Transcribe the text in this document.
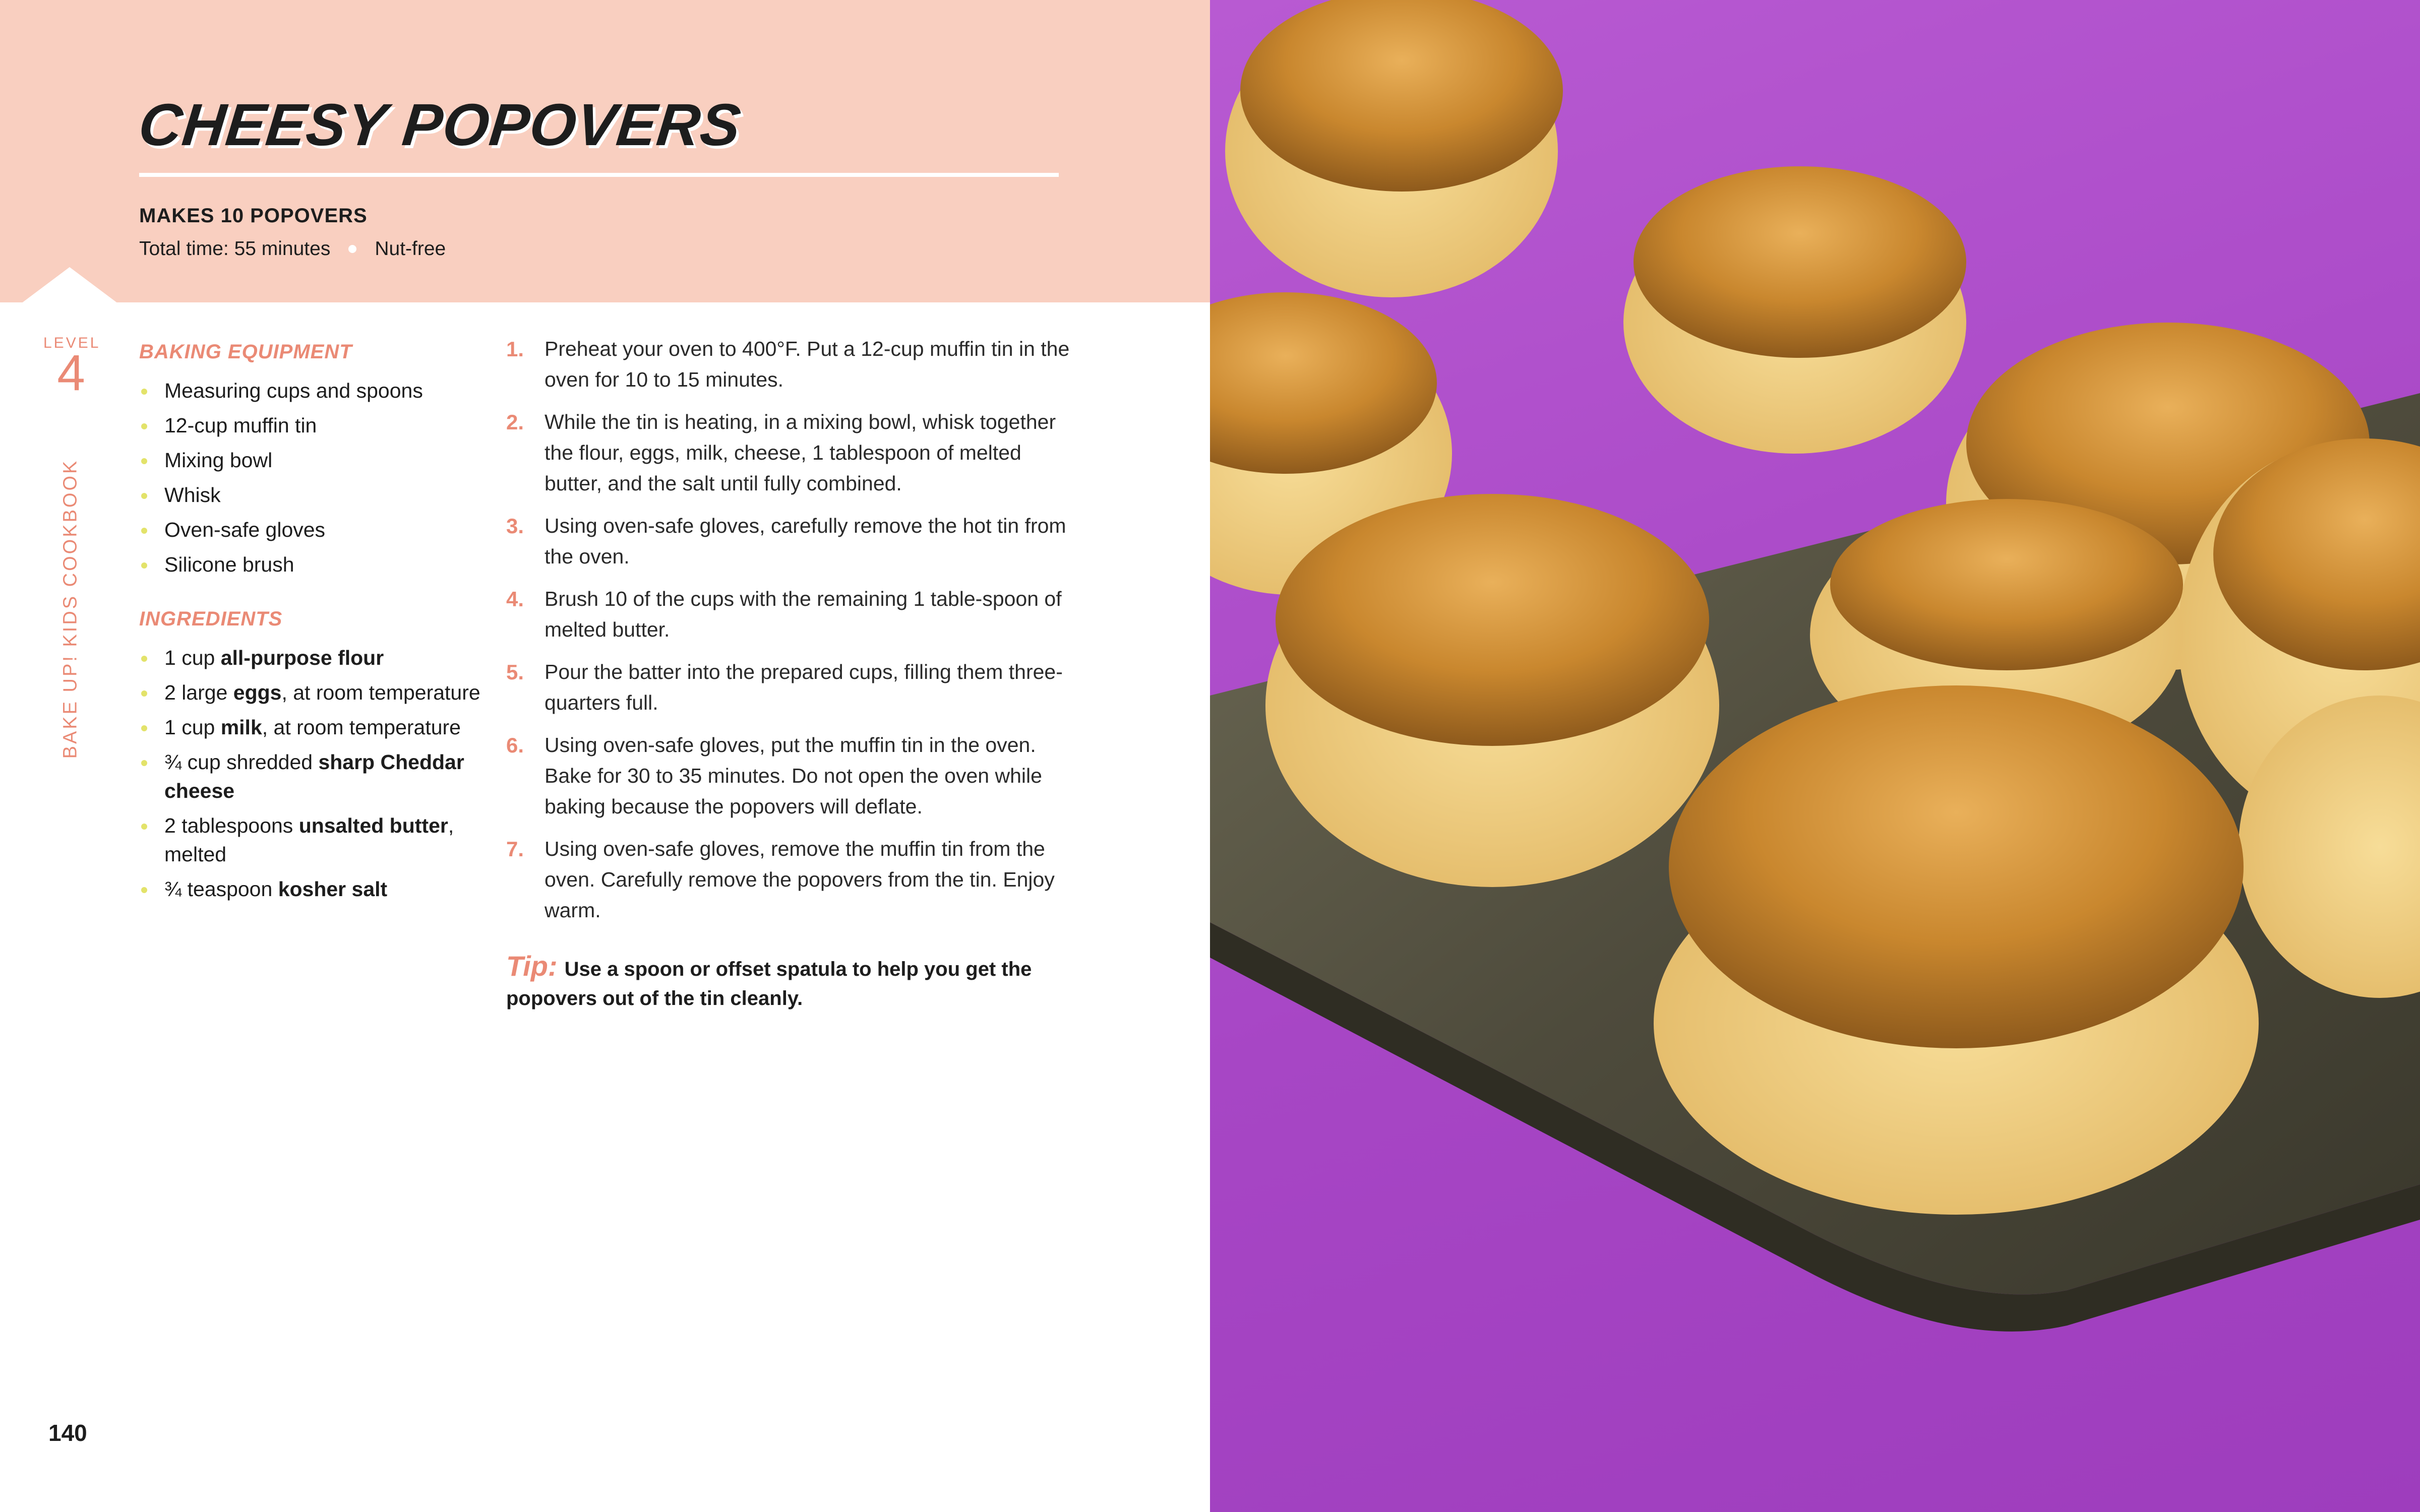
CHEESY POPOVERS
MAKES 10 POPOVERS
Total time: 55 minutes Nut-free
LEVEL
4
BAKE UP! KIDS COOKBOOK
BAKING EQUIPMENT
Measuring cups and spoons
12-cup muffin tin
Mixing bowl
Whisk
Oven-safe gloves
Silicone brush
INGREDIENTS
1 cup all-purpose flour
2 large eggs, at room temperature
1 cup milk, at room temperature
¾ cup shredded sharp Cheddar cheese
2 tablespoons unsalted butter, melted
¾ teaspoon kosher salt
1. Preheat your oven to 400°F. Put a 12-cup muffin tin in the oven for 10 to 15 minutes.
2. While the tin is heating, in a mixing bowl, whisk together the flour, eggs, milk, cheese, 1 tablespoon of melted butter, and the salt until fully combined.
3. Using oven-safe gloves, carefully remove the hot tin from the oven.
4. Brush 10 of the cups with the remaining 1 table-spoon of melted butter.
5. Pour the batter into the prepared cups, filling them three-quarters full.
6. Using oven-safe gloves, put the muffin tin in the oven. Bake for 30 to 35 minutes. Do not open the oven while baking because the popovers will deflate.
7. Using oven-safe gloves, remove the muffin tin from the oven. Carefully remove the popovers from the tin. Enjoy warm.
Tip: Use a spoon or offset spatula to help you get the popovers out of the tin cleanly.
140
